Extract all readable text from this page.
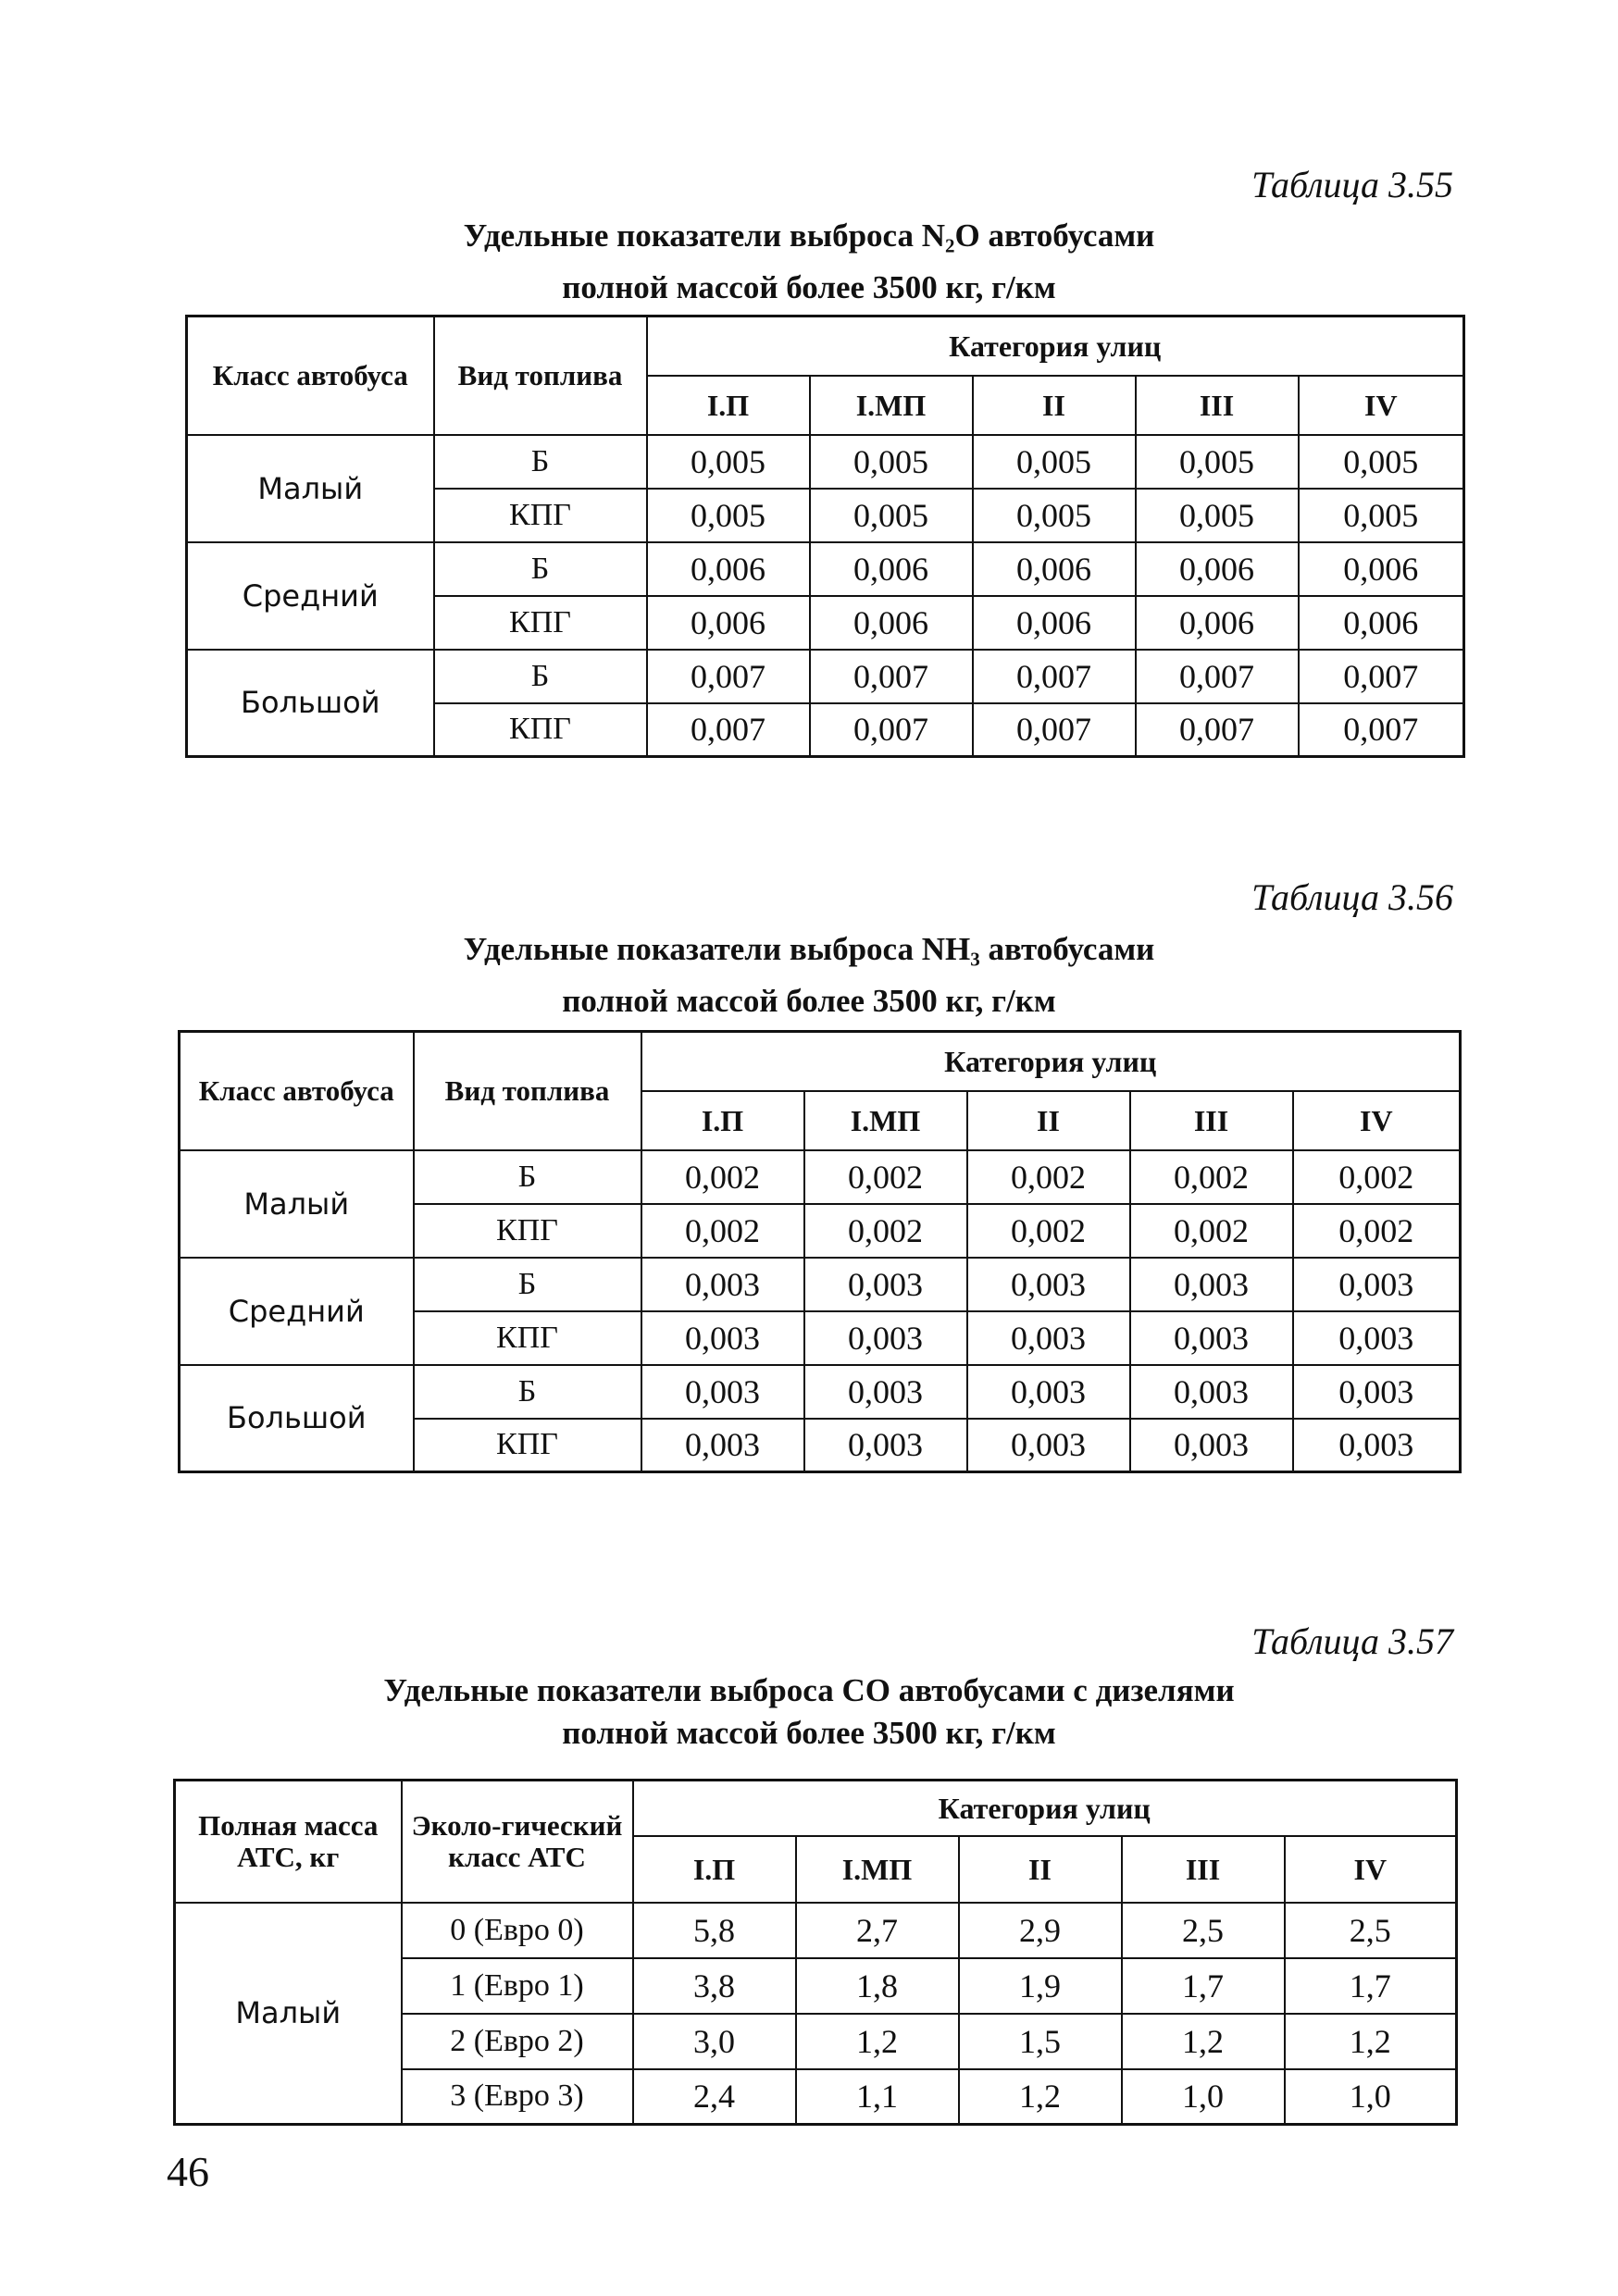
Таблица 3.55
Удельные показатели выброса $N_2O$ автобусами
полной массой более 3500 кг, г/км
Класс автобуса	Вид топлива	Категория улиц				
		I.П	I.МП	II	III	IV
Малый	Б	0,005	0,005	0,005	0,005	0,005
	КПГ	0,005	0,005	0,005	0,005	0,005
Средний	Б	0,006	0,006	0,006	0,006	0,006
	КПГ	0,006	0,006	0,006	0,006	0,006
Большой	Б	0,007	0,007	0,007	0,007	0,007
	КПГ	0,007	0,007	0,007	0,007	0,007
Таблица 3.56
Удельные показатели выброса $NH_3$ автобусами
полной массой более 3500 кг, г/км
Класс автобуса	Вид топлива	Категория улиц				
		I.П	I.МП	II	III	IV
Малый	Б	0,002	0,002	0,002	0,002	0,002
	КПГ	0,002	0,002	0,002	0,002	0,002
Средний	Б	0,003	0,003	0,003	0,003	0,003
	КПГ	0,003	0,003	0,003	0,003	0,003
Большой	Б	0,003	0,003	0,003	0,003	0,003
	КПГ	0,003	0,003	0,003	0,003	0,003
Таблица 3.57
Удельные показатели выброса СО автобусами с дизелями
полной массой более 3500 кг, г/км
Полная масса АТС, кг	Эколо-гический класс АТС	Категория улиц				
		I.П	I.МП	II	III	IV
Малый	0 (Евро 0)	5,8	2,7	2,9	2,5	2,5
	1 (Евро 1)	3,8	1,8	1,9	1,7	1,7
	2 (Евро 2)	3,0	1,2	1,5	1,2	1,2
	3 (Евро 3)	2,4	1,1	1,2	1,0	1,0
46
